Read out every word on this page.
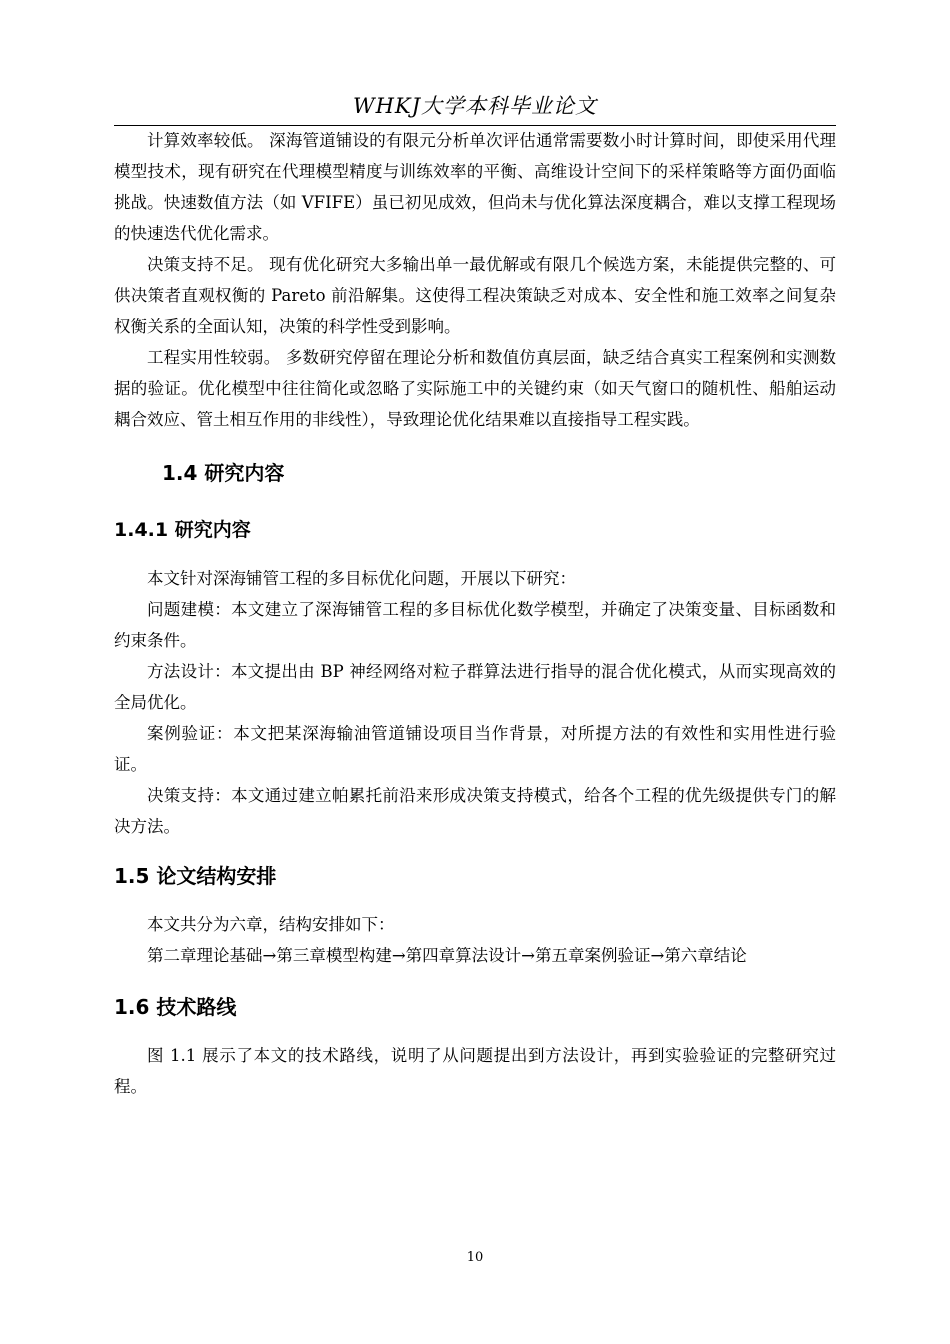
WHKJ大学本科毕业论文

计算效率较低。 深海管道铺设的有限元分析单次评估通常需要数小时计算时间，即使采用代理模型技术，现有研究在代理模型精度与训练效率的平衡、高维设计空间下的采样策略等方面仍面临挑战。快速数值方法（如 VFIFE）虽已初见成效，但尚未与优化算法深度耦合，难以支撑工程现场的快速迭代优化需求。

决策支持不足。 现有优化研究大多输出单一最优解或有限几个候选方案，未能提供完整的、可供决策者直观权衡的 Pareto 前沿解集。这使得工程决策缺乏对成本、安全性和施工效率之间复杂权衡关系的全面认知，决策的科学性受到影响。

工程实用性较弱。 多数研究停留在理论分析和数值仿真层面，缺乏结合真实工程案例和实测数据的验证。优化模型中往往简化或忽略了实际施工中的关键约束（如天气窗口的随机性、船舶运动耦合效应、管土相互作用的非线性），导致理论优化结果难以直接指导工程实践。

1.4 研究内容
1.4.1 研究内容

本文针对深海铺管工程的多目标优化问题，开展以下研究：

问题建模：本文建立了深海铺管工程的多目标优化数学模型，并确定了决策变量、目标函数和约束条件。

方法设计：本文提出由 BP 神经网络对粒子群算法进行指导的混合优化模式，从而实现高效的全局优化。

案例验证：本文把某深海输油管道铺设项目当作背景，对所提方法的有效性和实用性进行验证。

决策支持：本文通过建立帕累托前沿来形成决策支持模式，给各个工程的优先级提供专门的解决方法。

1.5 论文结构安排

本文共分为六章，结构安排如下：

第二章理论基础→第三章模型构建→第四章算法设计→第五章案例验证→第六章结论

1.6 技术路线

图 1.1 展示了本文的技术路线，说明了从问题提出到方法设计，再到实验验证的完整研究过程。

10
